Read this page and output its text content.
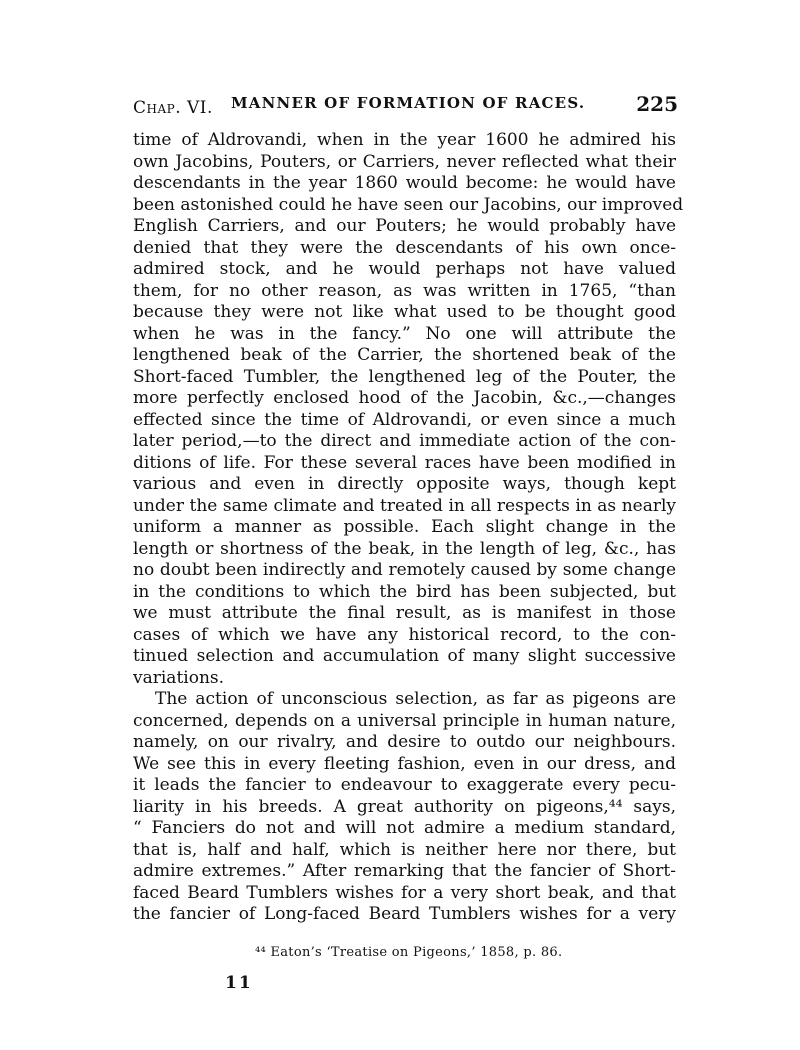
Chap. VI. MANNER OF FORMATION OF RACES.	225
time of Aldrovandi, when in the year 1600 he admired his
own Jacobins, Pouters, or Carriers, never reflected what their
descendants in the year 1860 would become: he would have
been astonished could he have seen our Jacobins, our improved
English Carriers, and our Pouters; he would probably have
denied that they were the descendants of his own once-
admired stock, and he would perhaps not have valued
them, for no other reason, as was written in 1765, “than
because they were not like what used to be thought good
when he was in the fancy.” No one will attribute the
lengthened beak of the Carrier, the shortened beak of the
Short-faced Tumbler, the lengthened leg of the Pouter, the
more perfectly enclosed hood of the Jacobin, &c.,—changes
effected since the time of Aldrovandi, or even since a much
later period,—to the direct and immediate action of the con-
ditions of life. For these several races have been modified in
various and even in directly opposite ways, though kept
under the same climate and treated in all respects in as nearly
uniform a manner as possible. Each slight change in the
length or shortness of the beak, in the length of leg, &c., has
no doubt been indirectly and remotely caused by some change
in the conditions to which the bird has been subjected, but
we must attribute the final result, as is manifest in those
cases of which we have any historical record, to the con-
tinued selection and accumulation of many slight successive
variations.
The action of unconscious selection, as far as pigeons are
concerned, depends on a universal principle in human nature,
namely, on our rivalry, and desire to outdo our neighbours.
We see this in every fleeting fashion, even in our dress, and
it leads the fancier to endeavour to exaggerate every pecu-
liarity in his breeds. A great authority on pigeons,⁴⁴ says,
“ Fanciers do not and will not admire a medium standard,
that is, half and half, which is neither here nor there, but
admire extremes.” After remarking that the fancier of Short-
faced Beard Tumblers wishes for a very short beak, and that
the fancier of Long-faced Beard Tumblers wishes for a very
⁴⁴ Eaton’s ‘Treatise on Pigeons,’ 1858, p. 86.
11
